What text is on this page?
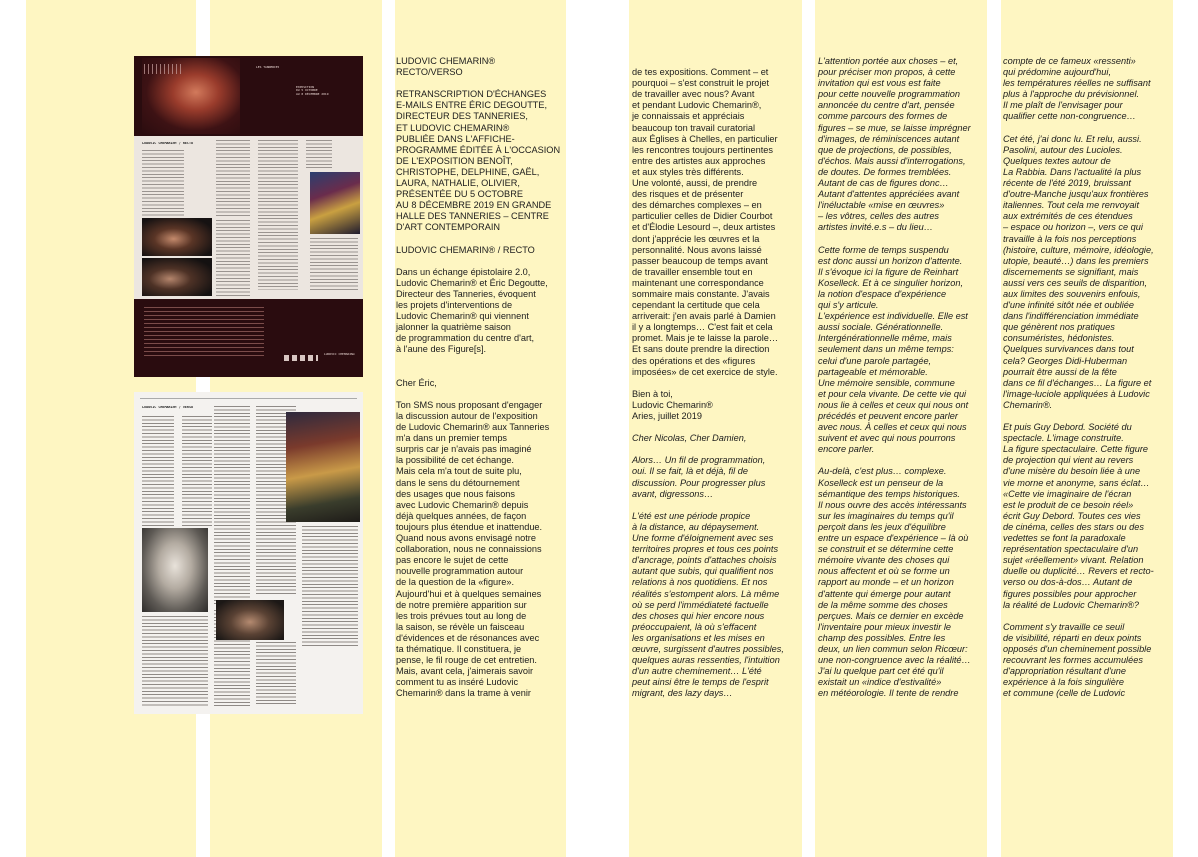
LES TANNERIES
EXPOSITION
DU 5 OCTOBRE
AU 8 DÉCEMBRE 2019
LUDOVIC CHEMARIN® / RECTO
LUDOVIC CHEMARIN®
LUDOVIC CHEMARIN® / VERSO
LUDOVIC CHEMARIN®
RECTO/VERSO

RETRANSCRIPTION D'ÉCHANGES
E-MAILS ENTRE ÉRIC DEGOUTTE,
DIRECTEUR DES TANNERIES,
ET LUDOVIC CHEMARIN®
PUBLIÉE DANS L'AFFICHE-
PROGRAMME ÉDITÉE À L'OCCASION
DE L'EXPOSITION BENOÎT,
CHRISTOPHE, DELPHINE, GAËL,
LAURA, NATHALIE, OLIVIER,
PRÉSENTÉE DU 5 OCTOBRE
AU 8 DÉCEMBRE 2019 EN GRANDE
HALLE DES TANNERIES – CENTRE
D'ART CONTEMPORAIN

LUDOVIC CHEMARIN® / RECTO

Dans un échange épistolaire 2.0,
Ludovic Chemarin® et Éric Degoutte,
Directeur des Tanneries, évoquent
les projets d'interventions de
Ludovic Chemarin® qui viennent
jalonner la quatrième saison
de programmation du centre d'art,
à l'aune des Figure[s].

Cher Éric,

Ton SMS nous proposant d'engager
la discussion autour de l'exposition
de Ludovic Chemarin® aux Tanneries
m'a dans un premier temps
surpris car je n'avais pas imaginé
la possibilité de cet échange.
Mais cela m'a tout de suite plu,
dans le sens du détournement
des usages que nous faisons
avec Ludovic Chemarin® depuis
déjà quelques années, de façon
toujours plus étendue et inattendue.
Quand nous avons envisagé notre
collaboration, nous ne connaissions
pas encore le sujet de cette
nouvelle programmation autour
de la question de la «figure».
Aujourd'hui et à quelques semaines
de notre première apparition sur
les trois prévues tout au long de
la saison, se révèle un faisceau
d'évidences et de résonances avec
ta thématique. Il constituera, je
pense, le fil rouge de cet entretien.
Mais, avant cela, j'aimerais savoir
comment tu as inséré Ludovic
Chemarin® dans la trame à venir

de tes expositions. Comment – et
pourquoi – s'est construit le projet
de travailler avec nous? Avant
et pendant Ludovic Chemarin®,
je connaissais et appréciais
beaucoup ton travail curatorial
aux Églises à Chelles, en particulier
les rencontres toujours pertinentes
entre des artistes aux approches
et aux styles très différents.
Une volonté, aussi, de prendre
des risques et de présenter
des démarches complexes – en
particulier celles de Didier Courbot
et d'Élodie Lesourd –, deux artistes
dont j'apprécie les œuvres et la
personnalité. Nous avons laissé
passer beaucoup de temps avant
de travailler ensemble tout en
maintenant une correspondance
sommaire mais constante. J'avais
cependant la certitude que cela
arriverait: j'en avais parlé à Damien
il y a longtemps… C'est fait et cela
promet. Mais je te laisse la parole…
Et sans doute prendre la direction
des opérations et des «figures
imposées» de cet exercice de style.

Bien à toi,
Ludovic Chemarin®
Aries, juillet 2019

Cher Nicolas, Cher Damien,

Alors… Un fil de programmation,
oui. Il se fait, là et déjà, fil de
discussion. Pour progresser plus
avant, digressons…

L'été est une période propice
à la distance, au dépaysement.
Une forme d'éloignement avec ses
territoires propres et tous ces points
d'ancrage, points d'attaches choisis
autant que subis, qui qualifient nos
relations à nos quotidiens. Et nos
réalités s'estompent alors. Là même
où se perd l'immédiateté factuelle
des choses qui hier encore nous
préoccupaient, là où s'effacent
les organisations et les mises en
œuvre, surgissent d'autres possibles,
quelques auras ressenties, l'intuition
d'un autre cheminement… L'été
peut ainsi être le temps de l'esprit
migrant, des lazy days…

L'attention portée aux choses – et,
pour préciser mon propos, à cette
invitation qui est vous est faite
pour cette nouvelle programmation
annoncée du centre d'art, pensée
comme parcours des formes de
figures – se mue, se laisse imprégner
d'images, de réminiscences autant
que de projections, de possibles,
d'échos. Mais aussi d'interrogations,
de doutes. De formes tremblées.
Autant de cas de figures donc…
Autant d'attentes appréciées avant
l'inéluctable «mise en œuvres»
– les vôtres, celles des autres
artistes invité.e.s – du lieu…

Cette forme de temps suspendu
est donc aussi un horizon d'attente.
Il s'évoque ici la figure de Reinhart
Koselleck. Et à ce singulier horizon,
la notion d'espace d'expérience
qui s'y articule.
L'expérience est individuelle. Elle est
aussi sociale. Générationnelle.
Intergénérationnelle même, mais
seulement dans un même temps:
celui d'une parole partagée,
partageable et mémorable.
Une mémoire sensible, commune
et pour cela vivante. De cette vie qui
nous lie à celles et ceux qui nous ont
précédés et peuvent encore parler
avec nous. À celles et ceux qui nous
suivent et avec qui nous pourrons
encore parler.

Au-delà, c'est plus… complexe.
Koselleck est un penseur de la
sémantique des temps historiques.
Il nous ouvre des accès intéressants
sur les imaginaires du temps qu'il
perçoit dans les jeux d'équilibre
entre un espace d'expérience – là où
se construit et se détermine cette
mémoire vivante des choses qui
nous affectent et où se forme un
rapport au monde – et un horizon
d'attente qui émerge pour autant
de la même somme des choses
perçues. Mais ce dernier en excède
l'inventaire pour mieux investir le
champ des possibles. Entre les
deux, un lien commun selon Ricœur:
une non-congruence avec la réalité…
J'ai lu quelque part cet été qu'il
existait un «indice d'estivalité»
en météorologie. Il tente de rendre
compte de ce fameux «ressenti»
qui prédomine aujourd'hui,
les températures réelles ne suffisant
plus à l'approche du prévisionnel.
Il me plaît de l'envisager pour
qualifier cette non-congruence…

Cet été, j'ai donc lu. Et relu, aussi.
Pasolini, autour des Lucioles.
Quelques textes autour de
La Rabbia. Dans l'actualité la plus
récente de l'été 2019, bruissant
d'outre-Manche jusqu'aux frontières
italiennes. Tout cela me renvoyait
aux extrémités de ces étendues
– espace ou horizon –, vers ce qui
travaille à la fois nos perceptions
(histoire, culture, mémoire, idéologie,
utopie, beauté…) dans les premiers
discernements se signifiant, mais
aussi vers ces seuils de disparition,
aux limites des souvenirs enfouis,
d'une infinité sitôt née et oubliée
dans l'indifférenciation immédiate
que génèrent nos pratiques
consuméristes, hédonistes.
Quelques survivances dans tout
cela? Georges Didi-Huberman
pourrait être aussi de la fête
dans ce fil d'échanges… La figure et
l'image-luciole appliquées à Ludovic
Chemarin®.

Et puis Guy Debord. Société du
spectacle. L'image construite.
La figure spectaculaire. Cette figure
de projection qui vient au revers
d'une misère du besoin liée à une
vie morne et anonyme, sans éclat…
«Cette vie imaginaire de l'écran
est le produit de ce besoin réel»
écrit Guy Debord. Toutes ces vies
de cinéma, celles des stars ou des
vedettes se font la paradoxale
représentation spectaculaire d'un
sujet «réellement» vivant. Relation
duelle ou duplicité… Revers et recto-
verso ou dos-à-dos… Autant de
figures possibles pour approcher
la réalité de Ludovic Chemarin®?

Comment s'y travaille ce seuil
de visibilité, réparti en deux points
opposés d'un cheminement possible
recouvrant les formes accumulées
d'appropriation résultant d'une
expérience à la fois singulière
et commune (celle de Ludovic
